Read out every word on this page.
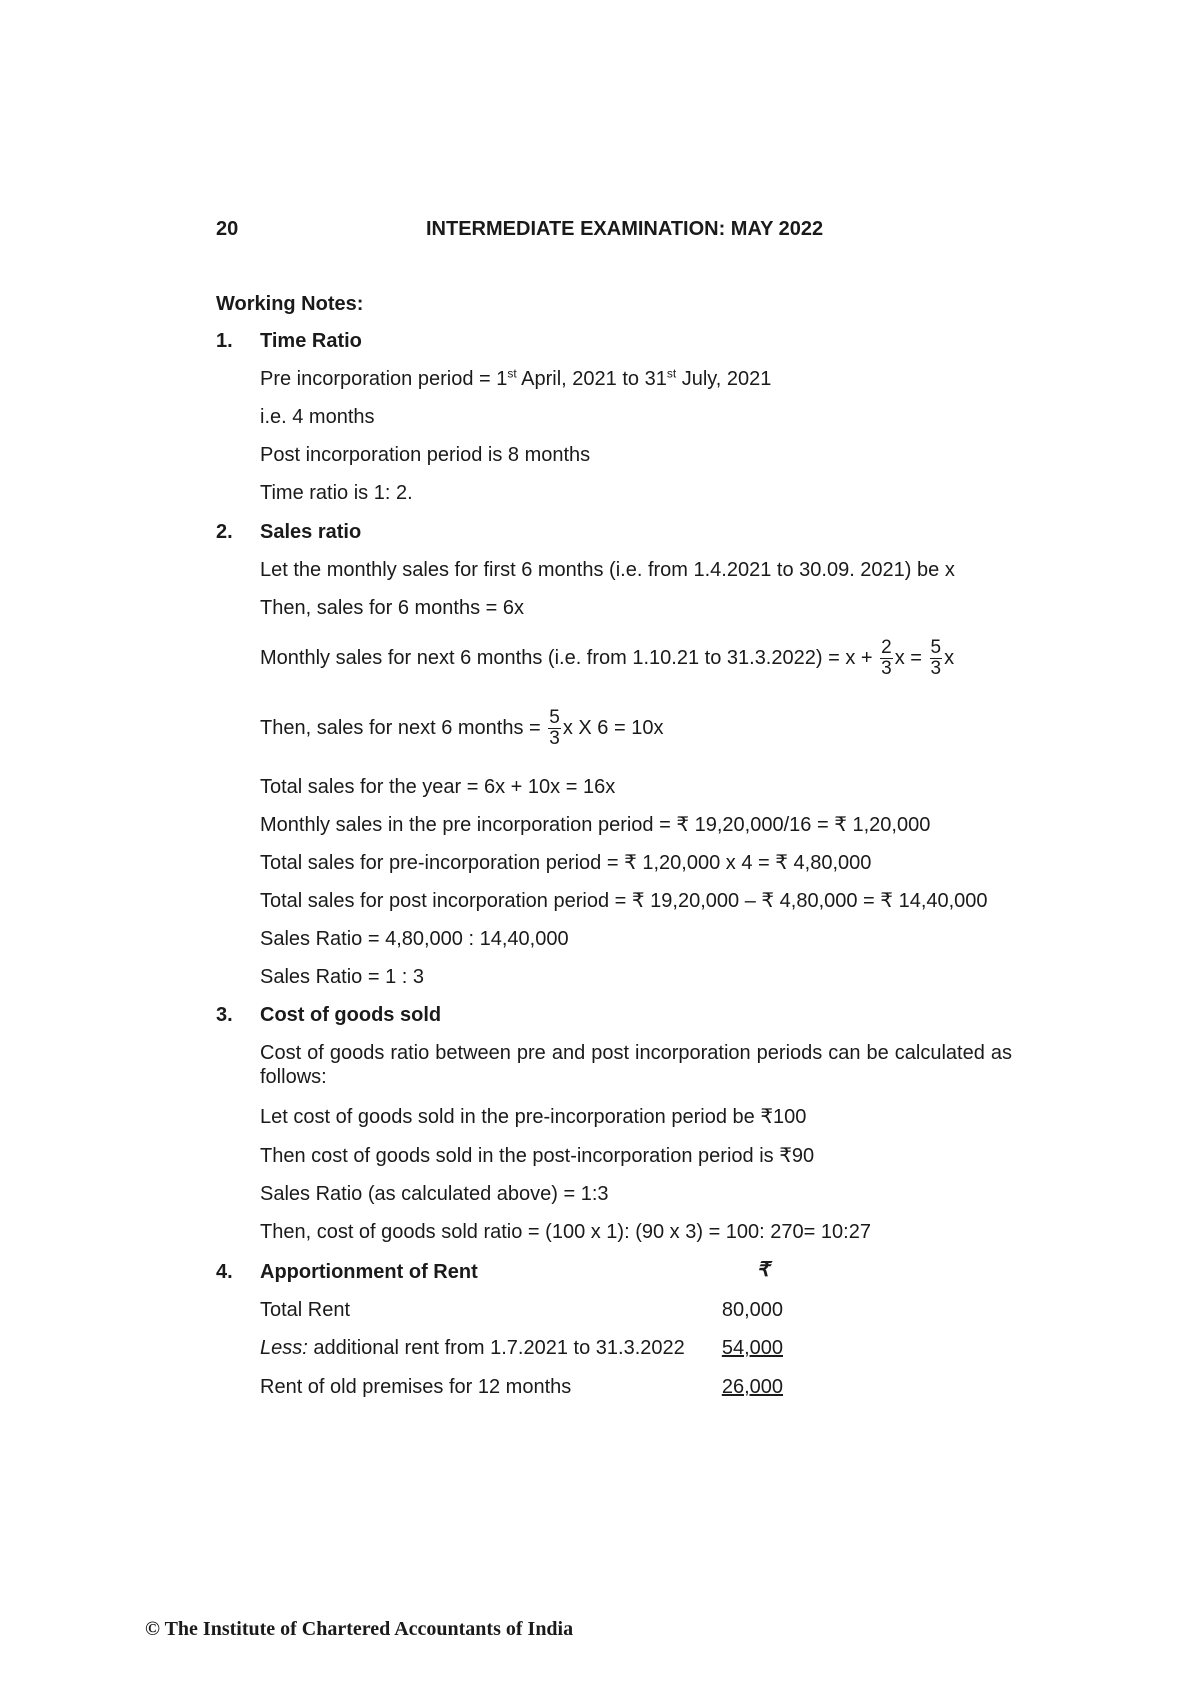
20	INTERMEDIATE EXAMINATION: MAY 2022
Working Notes:
1. Time Ratio
Pre incorporation period = 1st April, 2021 to 31st July, 2021
i.e. 4 months
Post incorporation period is 8 months
Time ratio is 1: 2.
2. Sales ratio
Let the monthly sales for first 6 months (i.e. from 1.4.2021 to 30.09. 2021) be x
Then, sales for 6 months = 6x
Monthly sales for next 6 months (i.e. from 1.10.21 to $31.3.2022) = x + \frac{2}{3}$ $x = \frac{5}{3}$ x
Then, sales for next 6 months = $\frac{5}{3}$ x X 6 = 10x
Total sales for the year = 6x + 10x = 16x
Monthly sales in the pre incorporation period = ₹ 19,20,000/16 = ₹ 1,20,000
Total sales for pre-incorporation period = ₹ 1,20,000 x 4 = ₹ 4,80,000
Total sales for post incorporation period = ₹ 19,20,000 – ₹ 4,80,000 = ₹ 14,40,000
Sales Ratio = 4,80,000 : 14,40,000
Sales Ratio = 1 : 3
3. Cost of goods sold
Cost of goods ratio between pre and post incorporation periods can be calculated as follows:
Let cost of goods sold in the pre-incorporation period be ₹100
Then cost of goods sold in the post-incorporation period is ₹90
Sales Ratio (as calculated above) = 1:3
Then, cost of goods sold ratio = (100 x 1): (90 x 3) = 100: 270= 10:27
4. Apportionment of Rent	₹
Total Rent	80,000
Less: additional rent from 1.7.2021 to 31.3.2022	54,000
Rent of old premises for 12 months	26,000
© The Institute of Chartered Accountants of India
